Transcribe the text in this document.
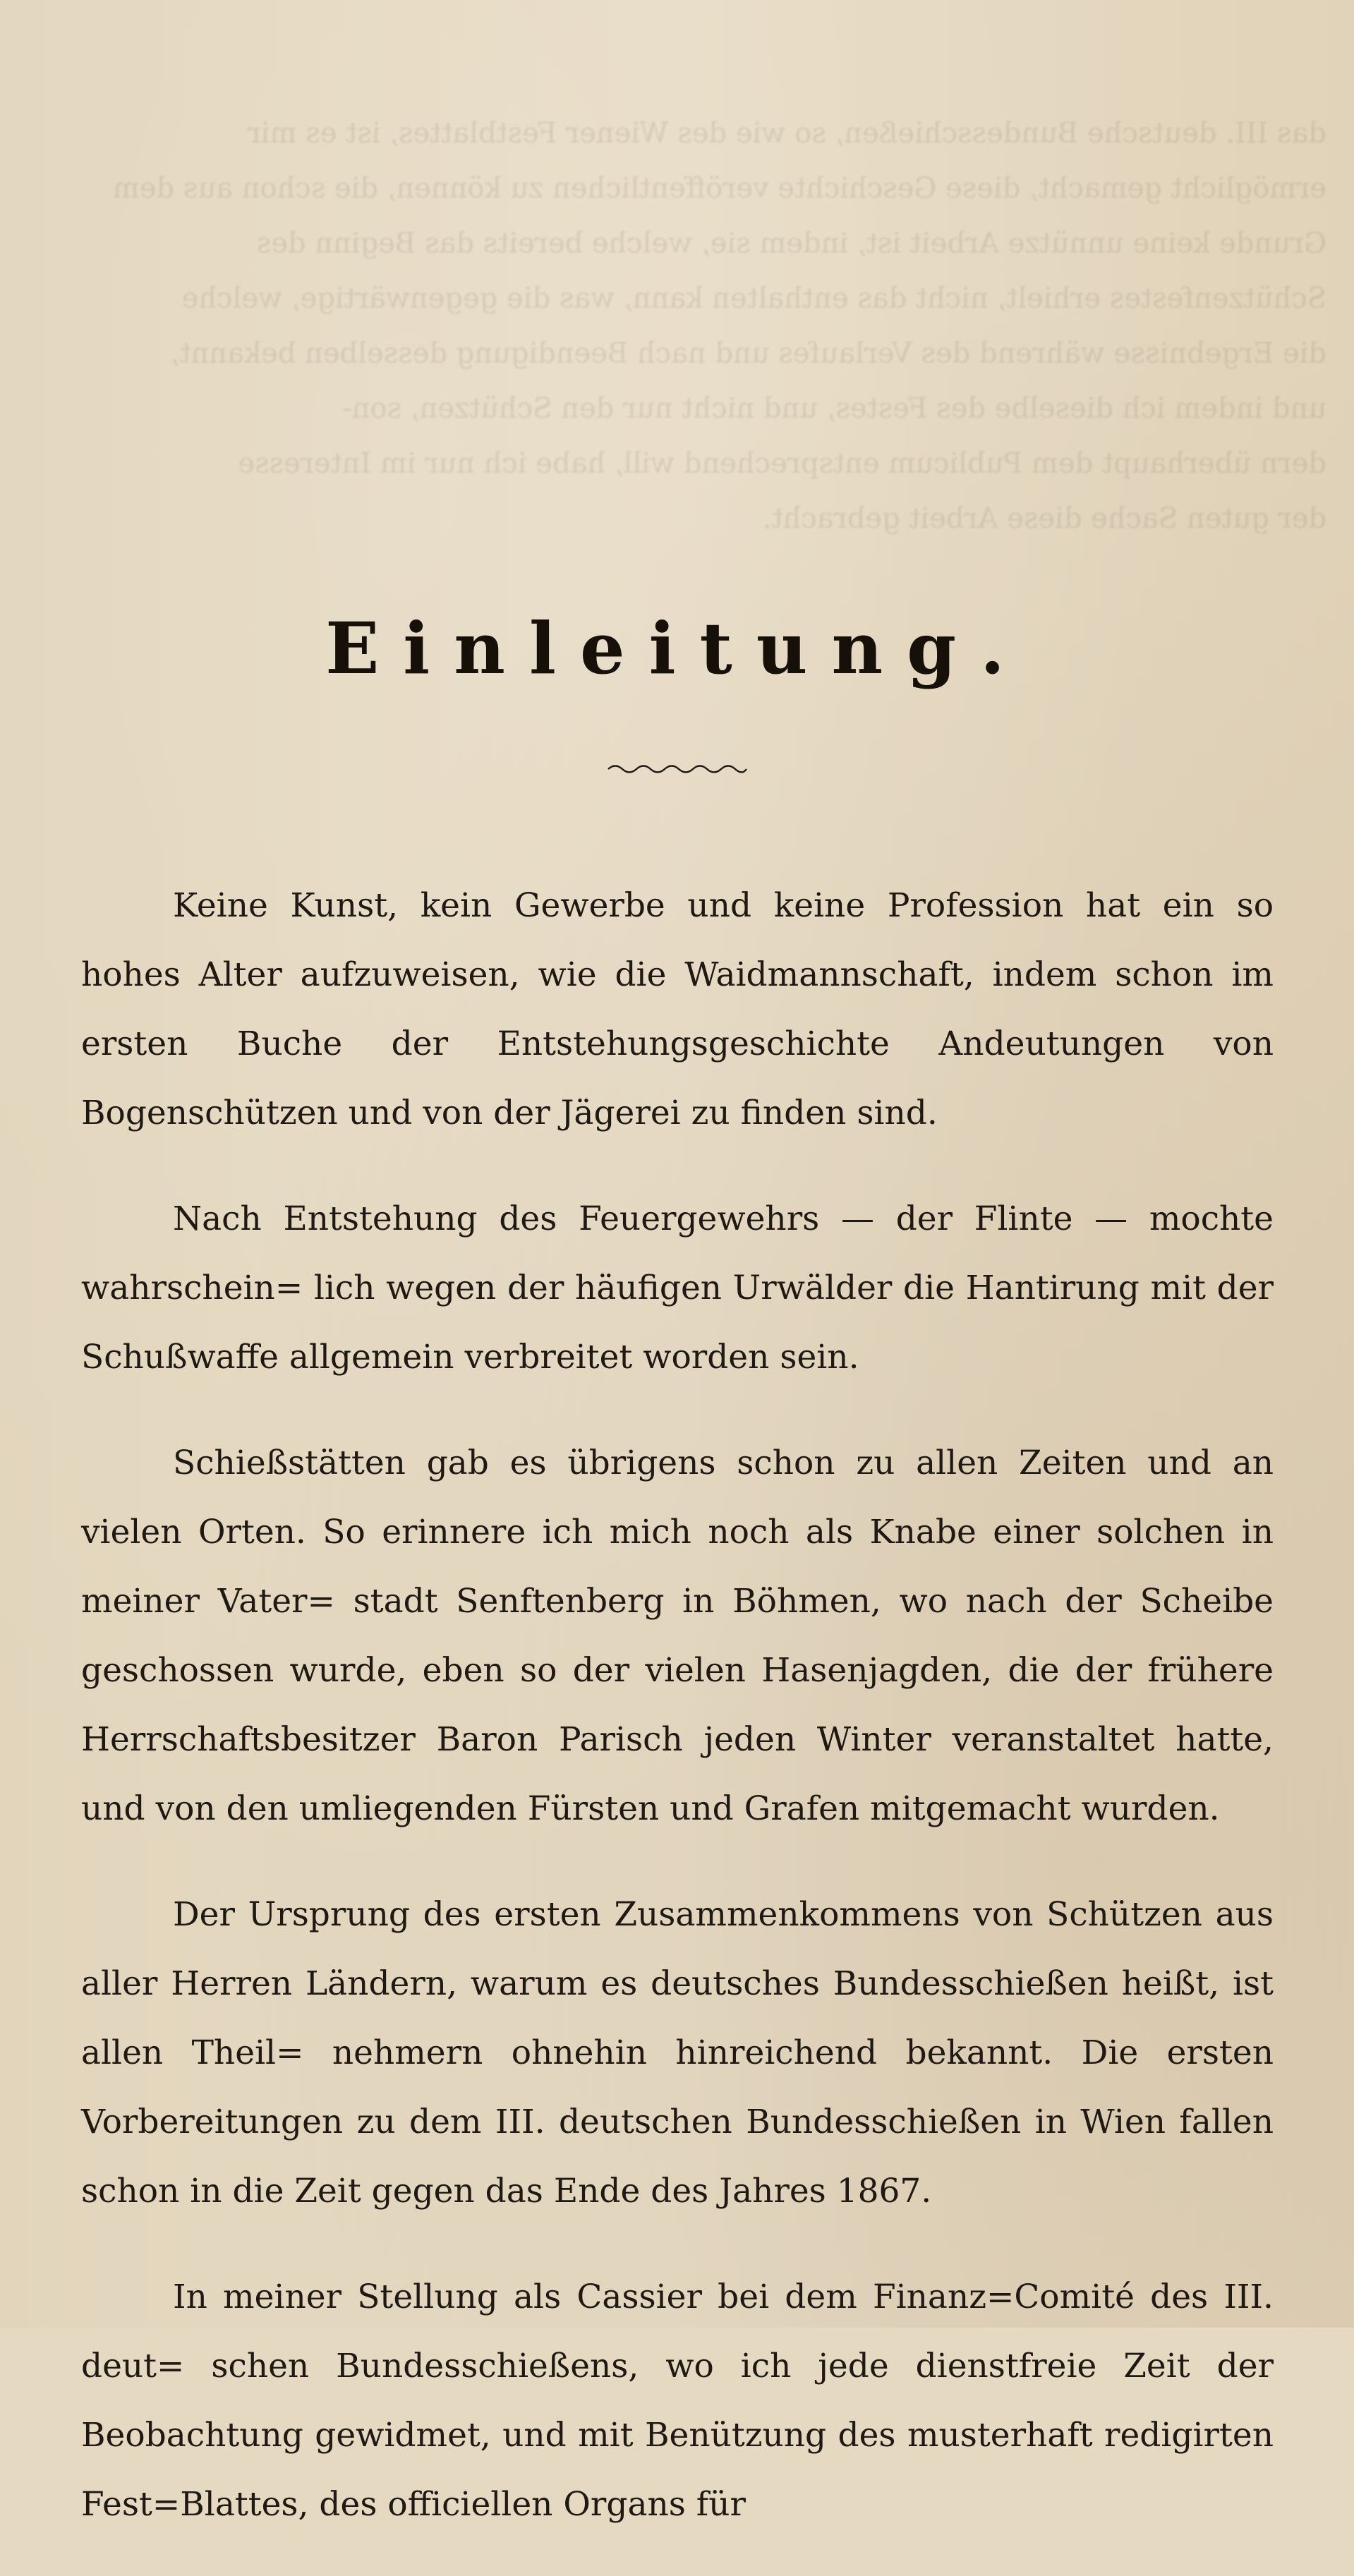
das III. deutsche Bundesschießen, so wie des Wiener Festblattes, ist es mir
ermöglicht gemacht, diese Geschichte veröffentlichen zu können, die schon aus dem
Grunde keine unnütze Arbeit ist, indem sie, welche bereits das Beginn des
Schützenfestes erhielt, nicht das enthalten kann, was die gegenwärtige, welche
die Ergebnisse während des Verlaufes und nach Beendigung desselben bekannt,
und indem ich dieselbe des Festes, und nicht nur den Schützen, son-
dern überhaupt dem Publicum entsprechend will, habe ich nur im Interesse
der guten Sache diese Arbeit gebracht.
Einleitung.

Keine Kunst, kein Gewerbe und keine Profession hat ein so hohes Alter aufzuweisen, wie die Waidmannschaft, indem schon im ersten Buche der Entstehungsgeschichte Andeutungen von Bogenschützen und von der Jägerei zu finden sind.

Nach Entstehung des Feuergewehrs — der Flinte — mochte wahrschein= lich wegen der häufigen Urwälder die Hantirung mit der Schußwaffe allgemein verbreitet worden sein.

Schießstätten gab es übrigens schon zu allen Zeiten und an vielen Orten. So erinnere ich mich noch als Knabe einer solchen in meiner Vater= stadt Senftenberg in Böhmen, wo nach der Scheibe geschossen wurde, eben so der vielen Hasenjagden, die der frühere Herrschaftsbesitzer Baron Parisch jeden Winter veranstaltet hatte, und von den umliegenden Fürsten und Grafen mitgemacht wurden.

Der Ursprung des ersten Zusammenkommens von Schützen aus aller Herren Ländern, warum es deutsches Bundesschießen heißt, ist allen Theil= nehmern ohnehin hinreichend bekannt. Die ersten Vorbereitungen zu dem III. deutschen Bundesschießen in Wien fallen schon in die Zeit gegen das Ende des Jahres 1867.

In meiner Stellung als Cassier bei dem Finanz=Comité des III. deut= schen Bundesschießens, wo ich jede dienstfreie Zeit der Beobachtung gewidmet, und mit Benützung des musterhaft redigirten Fest=Blattes, des officiellen Organs für
